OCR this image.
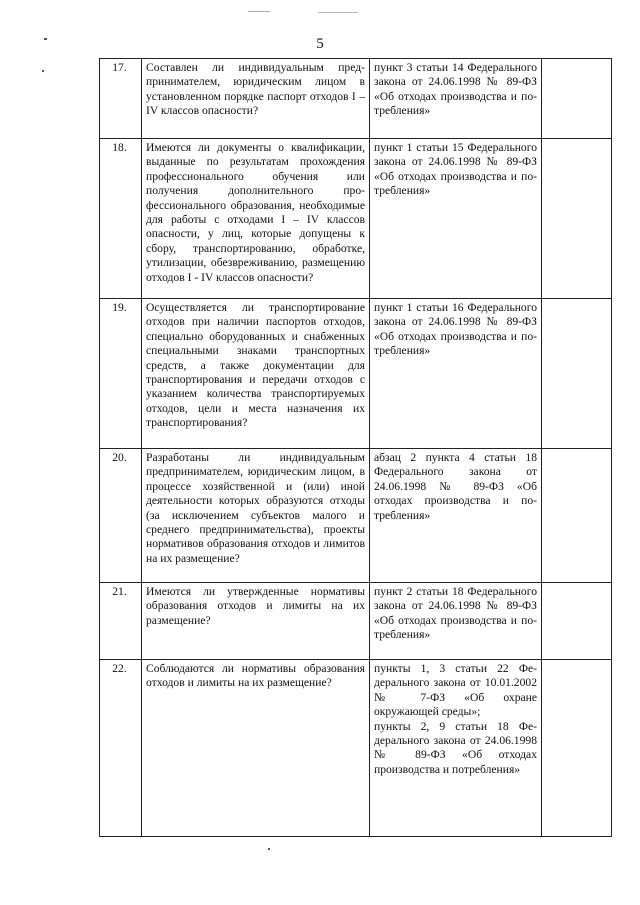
5
17.	Составлен ли индивидуальным предпринимателем, юридическим лицом в установленном порядке паспорт отходов I – IV классов опасности?	пункт 3 статьи 14 Федерального закона от 24.06.1998 № 89-ФЗ «Об отходах производства и потребления»	

18.	Имеются ли документы о квалификации, выданные по результатам прохождения профессионального обучения или получения дополнительного профессионального образования, необходимые для работы с отходами I – IV классов опасности, у лиц, которые допущены к сбору, транспортированию, обработке, утилизации, обезвреживанию, размещению отходов I - IV классов опасности?	пункт 1 статьи 15 Федерального закона от 24.06.1998 № 89-ФЗ «Об отходах производства и потребления»	

19.	Осуществляется ли транспортирование отходов при наличии паспортов отходов, специально оборудованных и снабженных специальными знаками транспортных средств, а также документации для транспортирования и передачи отходов с указанием количества транспортируемых отходов, цели и места назначения их транспортирования?	пункт 1 статьи 16 Федерального закона от 24.06.1998 № 89-ФЗ «Об отходах производства и потребления»	

20.	Разработаны ли индивидуальным предпринимателем, юридическим лицом, в процессе хозяйственной и (или) иной деятельности которых образуются отходы (за исключением субъектов малого и среднего предпринимательства), проекты нормативов образования отходов и лимитов на их размещение?	абзац 2 пункта 4 статьи 18 Федерального закона от 24.06.1998 № 89-ФЗ «Об отходах производства и потребления»	

21.	Имеются ли утвержденные нормативы образования отходов и лимиты на их размещение?	пункт 2 статьи 18 Федерального закона от 24.06.1998 № 89-ФЗ «Об отходах производства и потребления»	

22.	Соблюдаются ли нормативы образования отходов и лимиты на их размещение?	пункты 1, 3 статьи 22 Федерального закона от 10.01.2002 № 7-ФЗ «Об охране окружающей среды»;
пункты 2, 9 статьи 18 Федерального закона от 24.06.1998 № 89-ФЗ «Об отходах производства и потребления»	
